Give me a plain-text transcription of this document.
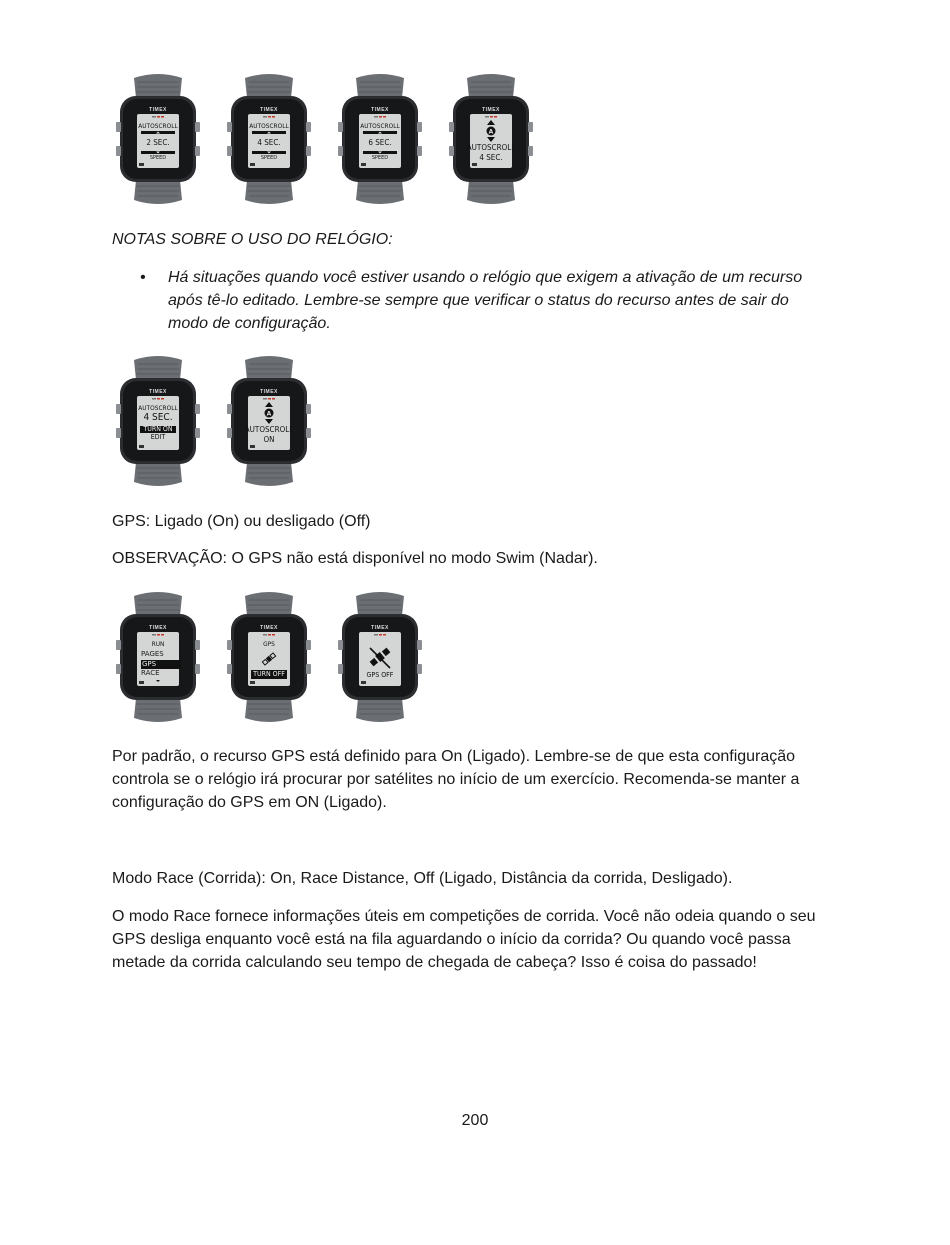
TIMEX
AUTOSCROLL
2 SEC.
SPEED
TIMEX
AUTOSCROLL
4 SEC.
SPEED
TIMEX
AUTOSCROLL
6 SEC.
SPEED
A
TIMEX
AUTOSCROLL
4 SEC.

NOTAS SOBRE O USO DO RELÓGIO:

• Há situações quando você estiver usando o relógio que exigem a ativação de um recurso após tê-lo editado. Lembre-se sempre que verificar o status do recurso antes de sair do modo de configuração.
TIMEX
AUTOSCROLL
4 SEC.
TURN ON
EDIT
A
TIMEX
AUTOSCROLL
ON

GPS: Ligado (On) ou desligado (Off)

OBSERVAÇÃO: O GPS não está disponível no modo Swim (Nadar).

TIMEX
RUN
PAGES
GPS
RACE
TIMEX
GPS
TURN OFF
TIMEX
GPS OFF

Por padrão, o recurso GPS está definido para On (Ligado). Lembre-se de que esta configuração controla se o relógio irá procurar por satélites no início de um exercício. Recomenda-se manter a configuração do GPS em ON (Ligado).

Modo Race (Corrida): On, Race Distance, Off (Ligado, Distância da corrida, Desligado).

O modo Race fornece informações úteis em competições de corrida. Você não odeia quando o seu GPS desliga enquanto você está na fila aguardando o início da corrida? Ou quando você passa metade da corrida calculando seu tempo de chegada de cabeça? Isso é coisa do passado!

200
